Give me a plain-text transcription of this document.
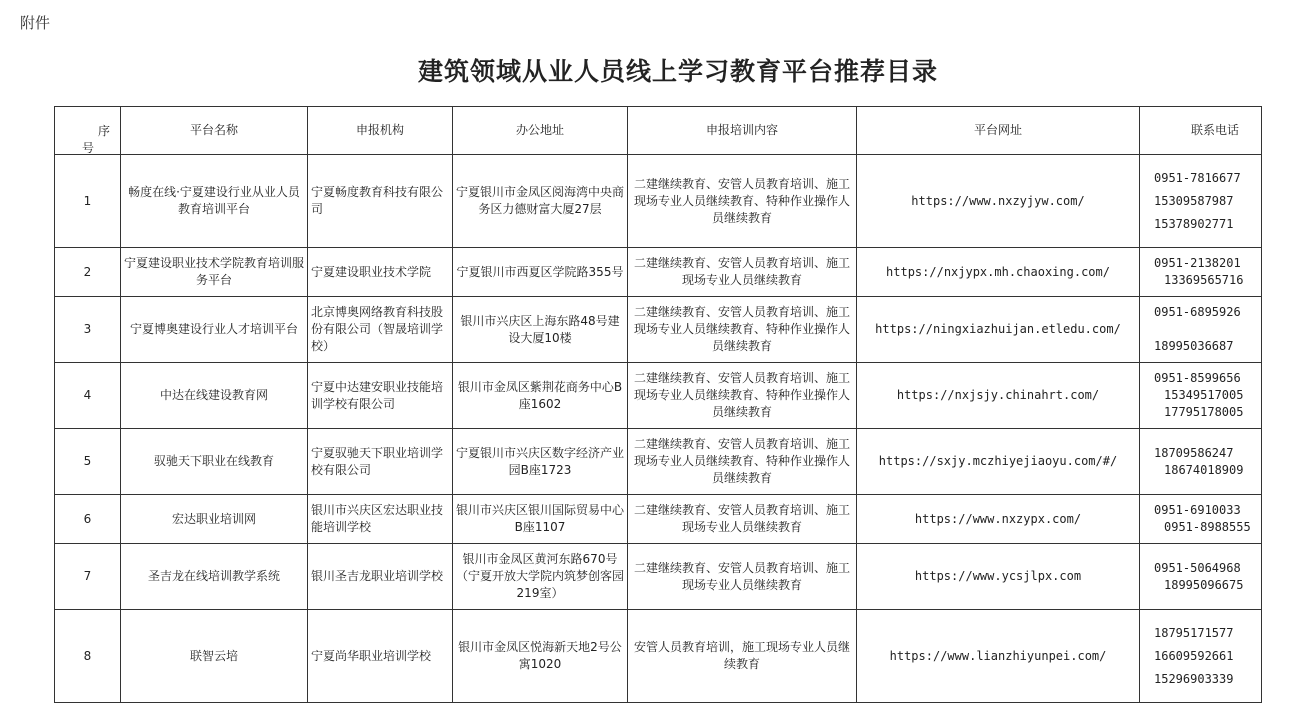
附件
建筑领域从业人员线上学习教育平台推荐目录
序
号	平台名称	申报机构	办公地址	申报培训内容	平台网址	联系电话

1	畅度在线·宁夏建设行业从业人员教育培训平台	宁夏畅度教育科技有限公司	宁夏银川市金凤区阅海湾中央商务区力德财富大厦27层	二建继续教育、安管人员教育培训、施工现场专业人员继续教育、特种作业操作人员继续教育	https://www.nxzyjyw.com/	0951-7816677
15309587987
15378902771

2	宁夏建设职业技术学院教育培训服务平台	宁夏建设职业技术学院	宁夏银川市西夏区学院路355号	二建继续教育、安管人员教育培训、施工现场专业人员继续教育	https://nxjypx.mh.chaoxing.com/	0951-2138201
13369565716

3	宁夏博奥建设行业人才培训平台	北京博奥网络教育科技股份有限公司（智晟培训学校）	银川市兴庆区上海东路48号建设大厦10楼	二建继续教育、安管人员教育培训、施工现场专业人员继续教育、特种作业操作人员继续教育	https://ningxiazhuijan.etledu.com/	0951-6895926
18995036687

4	中达在线建设教育网	宁夏中达建安职业技能培训学校有限公司	银川市金凤区紫荆花商务中心B座1602	二建继续教育、安管人员教育培训、施工现场专业人员继续教育、特种作业操作人员继续教育	https://nxjsjy.chinahrt.com/	0951-8599656
15349517005
17795178005

5	驭驰天下职业在线教育	宁夏驭驰天下职业培训学校有限公司	宁夏银川市兴庆区数字经济产业园B座1723	二建继续教育、安管人员教育培训、施工现场专业人员继续教育、特种作业操作人员继续教育	https://sxjy.mczhiyejiaoyu.com/#/	18709586247
18674018909

6	宏达职业培训网	银川市兴庆区宏达职业技能培训学校	银川市兴庆区银川国际贸易中心B座1107	二建继续教育、安管人员教育培训、施工现场专业人员继续教育	https://www.nxzypx.com/	0951-6910033
0951-8988555

7	圣吉龙在线培训教学系统	银川圣吉龙职业培训学校	银川市金凤区黄河东路670号（宁夏开放大学院内筑梦创客园219室）	二建继续教育、安管人员教育培训、施工现场专业人员继续教育	https://www.ycsjlpx.com	0951-5064968
18995096675

8	联智云培	宁夏尚华职业培训学校	银川市金凤区悦海新天地2号公寓1020	安管人员教育培训，施工现场专业人员继续教育	https://www.lianzhiyunpei.com/	18795171577
16609592661
15296903339
